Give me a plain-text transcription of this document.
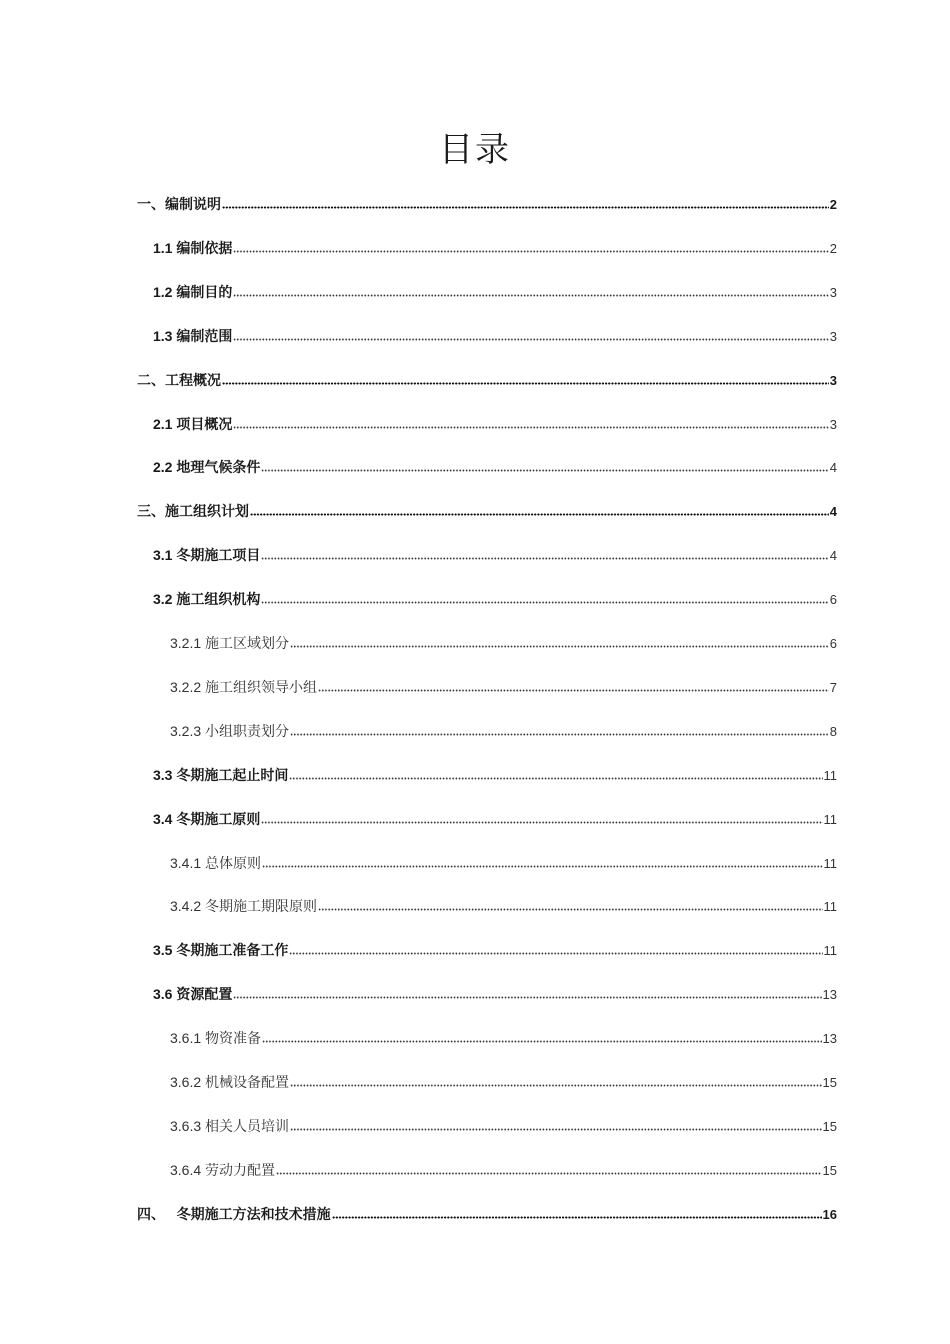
目录
一、 编制说明	2
1.1 编制依据	2
1.2 编制目的	3
1.3 编制范围	3
二、 工程概况	3
2.1 项目概况	3
2.2 地理气候条件	4
三、 施工组织计划	4
3.1 冬期施工项目	4
3.2 施工组织机构	6
3.2.1 施工区域划分	6
3.2.2 施工组织领导小组	7
3.2.3 小组职责划分	8
3.3 冬期施工起止时间	11
3.4 冬期施工原则	11
3.4.1 总体原则	11
3.4.2 冬期施工期限原则	11
3.5 冬期施工准备工作	11
3.6 资源配置	13
3.6.1 物资准备	13
3.6.2 机械设备配置	15
3.6.3 相关人员培训	15
3.6.4 劳动力配置	15
四、 冬期施工方法和技术措施	16
